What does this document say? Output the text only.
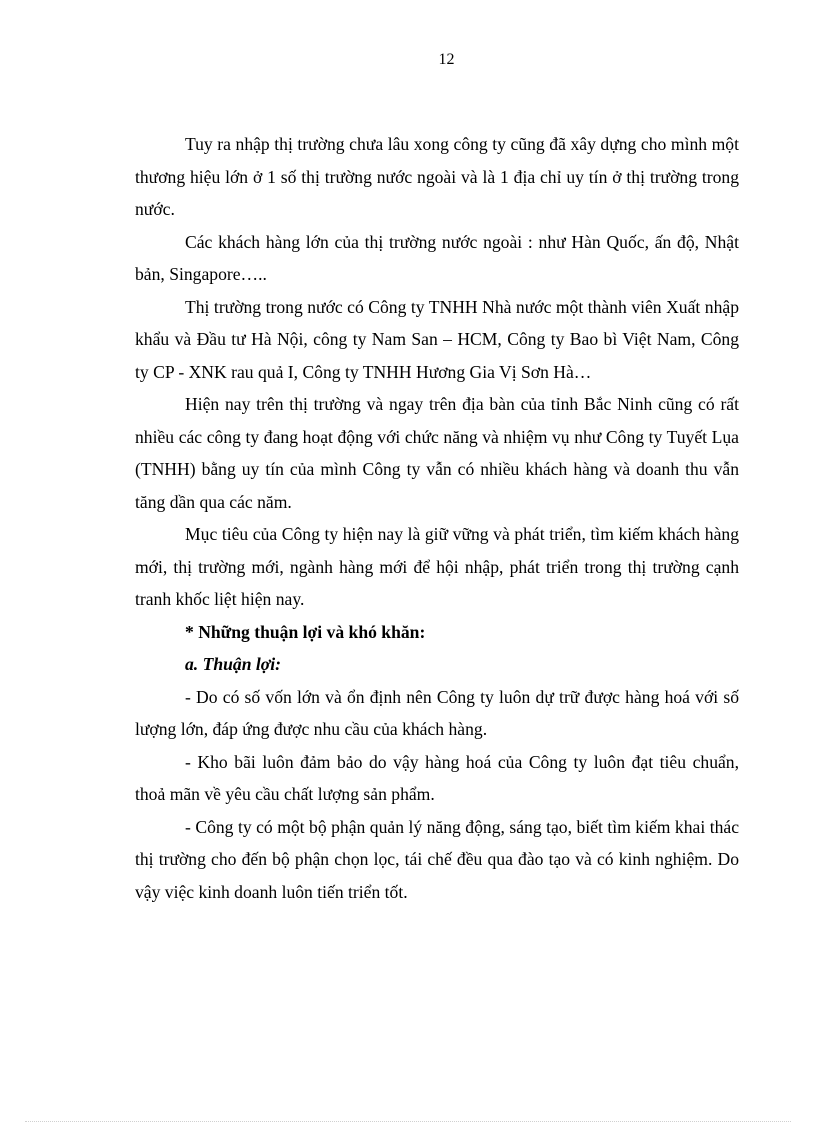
12

Tuy ra nhập thị trường chưa lâu xong công ty cũng đã xây dựng cho mình một thương hiệu lớn ở 1 số thị trường nước ngoài và là 1 địa chỉ uy tín ở thị trường trong nước.

Các khách hàng lớn của thị trường nước ngoài : như Hàn Quốc, ấn độ, Nhật bản, Singapore…..

Thị trường trong nước có Công ty TNHH Nhà nước một thành viên Xuất nhập khẩu và Đầu tư Hà Nội, công ty Nam San – HCM, Công ty Bao bì Việt Nam, Công ty CP - XNK rau quả I, Công ty TNHH Hương Gia Vị Sơn Hà…

Hiện nay trên thị trường và ngay trên địa bàn của tỉnh Bắc Ninh cũng có rất nhiều các công ty đang hoạt động với chức năng và nhiệm vụ như Công ty Tuyết Lụa (TNHH) bằng uy tín của mình Công ty vẫn có nhiều khách hàng và doanh thu vẫn tăng dần qua các năm.

Mục tiêu của Công ty hiện nay là giữ vững và phát triển, tìm kiếm khách hàng mới, thị trường mới, ngành hàng mới để hội nhập, phát triển trong thị trường cạnh tranh khốc liệt hiện nay.

* Những thuận lợi và khó khăn:

a. Thuận lợi:

- Do có số vốn lớn và ổn định nên Công ty luôn dự trữ được hàng hoá với số lượng lớn, đáp ứng được nhu cầu của khách hàng.

- Kho bãi luôn đảm bảo do vậy hàng hoá của Công ty luôn đạt tiêu chuẩn, thoả mãn về yêu cầu chất lượng sản phẩm.

- Công ty có một bộ phận quản lý năng động, sáng tạo, biết tìm kiếm khai thác thị trường cho đến bộ phận chọn lọc, tái chế đều qua đào tạo và có kinh nghiệm. Do vậy việc kinh doanh luôn tiến triển tốt.
